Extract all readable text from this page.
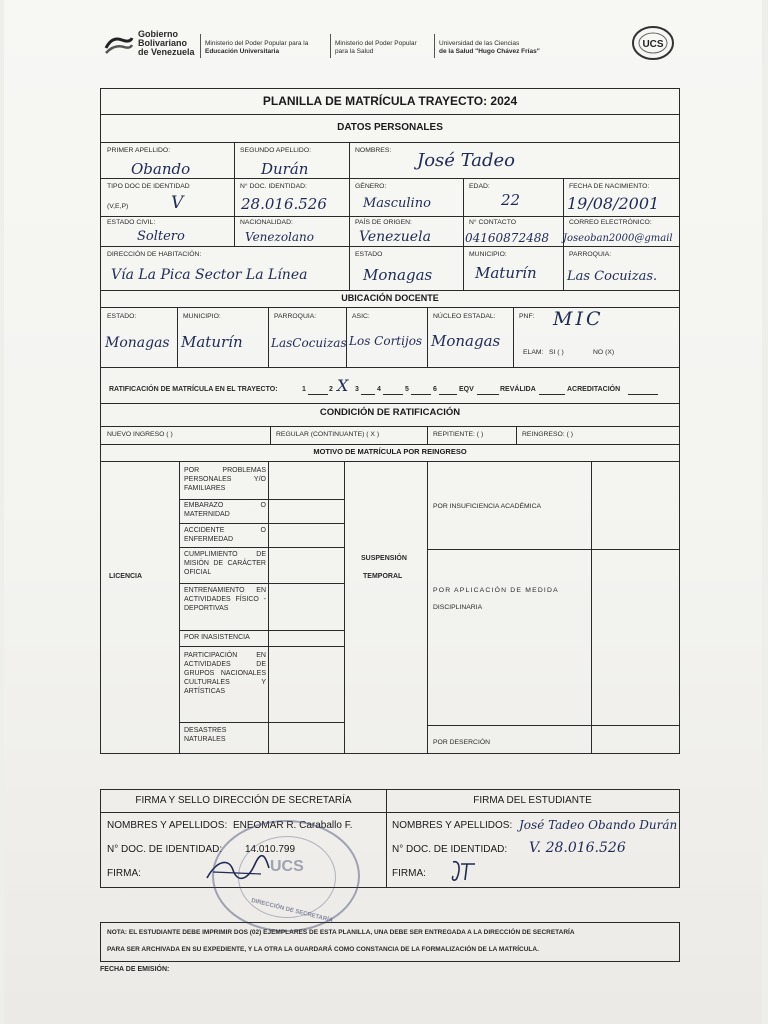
Gobierno
Bolivariano
de Venezuela
Ministerio del Poder Popular para la
Educación Universitaria
Ministerio del Poder Popular
para la Salud
Universidad de las Ciencias
de la Salud "Hugo Chávez Frías"
UCS
PLANILLA DE MATRÍCULA TRAYECTO: 2024
DATOS PERSONALES
PRIMER APELLIDO:
Obando
SEGUNDO APELLIDO:
Durán
NOMBRES: José Tadeo
TIPO DOC DE IDENTIDAD
(V,E,P)	V
N° DOC. IDENTIDAD:
28.016.526
GÉNERO:
Masculino
EDAD:
22
FECHA DE NACIMIENTO:
19/08/2001
ESTADO CIVIL:
Soltero
NACIONALIDAD:
Venezolano
PAÍS DE ORIGEN:
Venezuela
N° CONTACTO
04160872488
CORREO ELECTRÓNICO:
Joseoban2000@gmail
DIRECCIÓN DE HABITACIÓN:
Vía La Pica Sector La Línea
ESTADO
Monagas
MUNICIPIO:
Maturín
PARROQUIA:
Las Cocuizas.
UBICACIÓN DOCENTE
ESTADO:
Monagas
MUNICIPIO:
Maturín
PARROQUIA:
LasCocuizas
ASIC:
Los Cortijos
NÚCLEO ESTADAL:
Monagas
PNF: MIC
ELAM: SI ( )	NO (X)
RATIFICACIÓN DE MATRÍCULA EN EL TRAYECTO:	1	2 X 3	4	5	6	EQV	REVÁLIDA	ACREDITACIÓN
CONDICIÓN DE RATIFICACIÓN
NUEVO INGRESO ( )	REGULAR (CONTINUANTE) ( X )	REPITIENTE: ( )	REINGRESO: ( )
MOTIVO DE MATRÍCULA POR REINGRESO
LICENCIA
POR PROBLEMAS PERSONALES Y/O FAMILIARES
EMBARAZO O MATERNIDAD
ACCIDENTE O ENFERMEDAD
CUMPLIMIENTO DE MISIÓN DE CARÁCTER OFICIAL
ENTRENAMIENTO EN ACTIVIDADES FÍSICO - DEPORTIVAS
POR INASISTENCIA
PARTICIPACIÓN EN ACTIVIDADES DE GRUPOS NACIONALES CULTURALES Y ARTÍSTICAS
DESASTRES NATURALES
SUSPENSIÓN
TEMPORAL
POR INSUFICIENCIA ACADÉMICA
POR APLICACIÓN DE MEDIDA
DISCIPLINARIA
POR DESERCIÓN
FIRMA Y SELLO DIRECCIÓN DE SECRETARÍA	FIRMA DEL ESTUDIANTE
NOMBRES Y APELLIDOS: ENEOMAR R. Caraballo F.
N° DOC. DE IDENTIDAD: 14.010.799
FIRMA:
NOMBRES Y APELLIDOS: José Tadeo Obando Durán
N° DOC. DE IDENTIDAD: V. 28.016.526
FIRMA:
UCS
DIRECCIÓN DE SECRETARÍA
NOTA: EL ESTUDIANTE DEBE IMPRIMIR DOS (02) EJEMPLARES DE ESTA PLANILLA, UNA DEBE SER ENTREGADA A LA DIRECCIÓN DE SECRETARÍA
PARA SER ARCHIVADA EN SU EXPEDIENTE, Y LA OTRA LA GUARDARÁ COMO CONSTANCIA DE LA FORMALIZACIÓN DE LA MATRÍCULA.
FECHA DE EMISIÓN:
